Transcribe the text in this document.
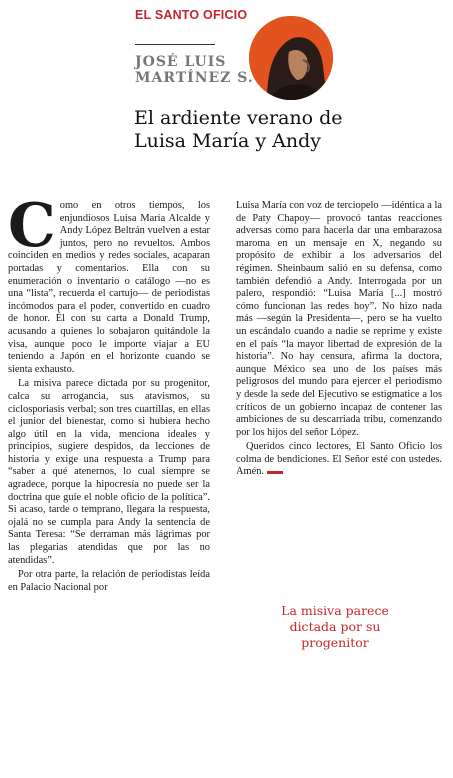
EL SANTO OFICIO
JOSÉ LUIS MARTÍNEZ S.
El ardiente verano de Luisa María y Andy

Como en otros tiempos, los enjundiosos Luisa María Alcalde y Andy López Beltrán vuelven a estar juntos, pero no revueltos. Ambos coinciden en medios y redes sociales, acaparan portadas y comentarios. Ella con su enumeración o inventario o catálogo —no es una “lista”, recuerda el cartujo— de periodistas incómodos para el poder, convertido en cuadro de honor. Él con su carta a Donald Trump, acusando a quienes lo sobajaron quitándole la visa, aunque poco le importe viajar a EU teniendo a Japón en el horizonte cuando se sienta exhausto.

La misiva parece dictada por su progenitor, calca su arrogancia, sus atavismos, su ciclosporiasis verbal; son tres cuartillas, en ellas el junior del bienestar, como si hubiera hecho algo útil en la vida, menciona ideales y principios, sugiere despidos, da lecciones de historia y exige una respuesta a Trump para “saber a qué atenernos, lo cual siempre se agradece, porque la hipocresía no puede ser la doctrina que guíe el noble oficio de la política”. Si acaso, tarde o temprano, llegara la respuesta, ojalá no se cumpla para Andy la sentencia de Santa Teresa: “Se derraman más lágrimas por las plegarias atendidas que por las no atendidas”.

Por otra parte, la relación de periodistas leída en Palacio Nacional por

Luisa María con voz de terciopelo —idéntica a la de Paty Chapoy— provocó tantas reacciones adversas como para hacerla dar una embarazosa maroma en un mensaje en X, negando su propósito de exhibir a los adversarios del régimen. Sheinbaum salió en su defensa, como también defendió a Andy. Interrogada por un palero, respondió: “Luisa María [...] mostró cómo funcionan las redes hoy”. No hizo nada más —según la Presidenta—, pero se ha vuelto un escándalo cuando a nadie se reprime y existe en el país “la mayor libertad de expresión de la historia”. No hay censura, afirma la doctora, aunque México sea uno de los países más peligrosos del mundo para ejercer el periodismo y desde la sede del Ejecutivo se estigmatice a los críticos de un gobierno incapaz de contener las ambiciones de su descarriada tribu, comenzando por los hijos del señor López.

Queridos cinco lectores, El Santo Oficio los colma de bendiciones. El Señor esté con ustedes. Amén.

La misiva parece dictada por su progenitor
